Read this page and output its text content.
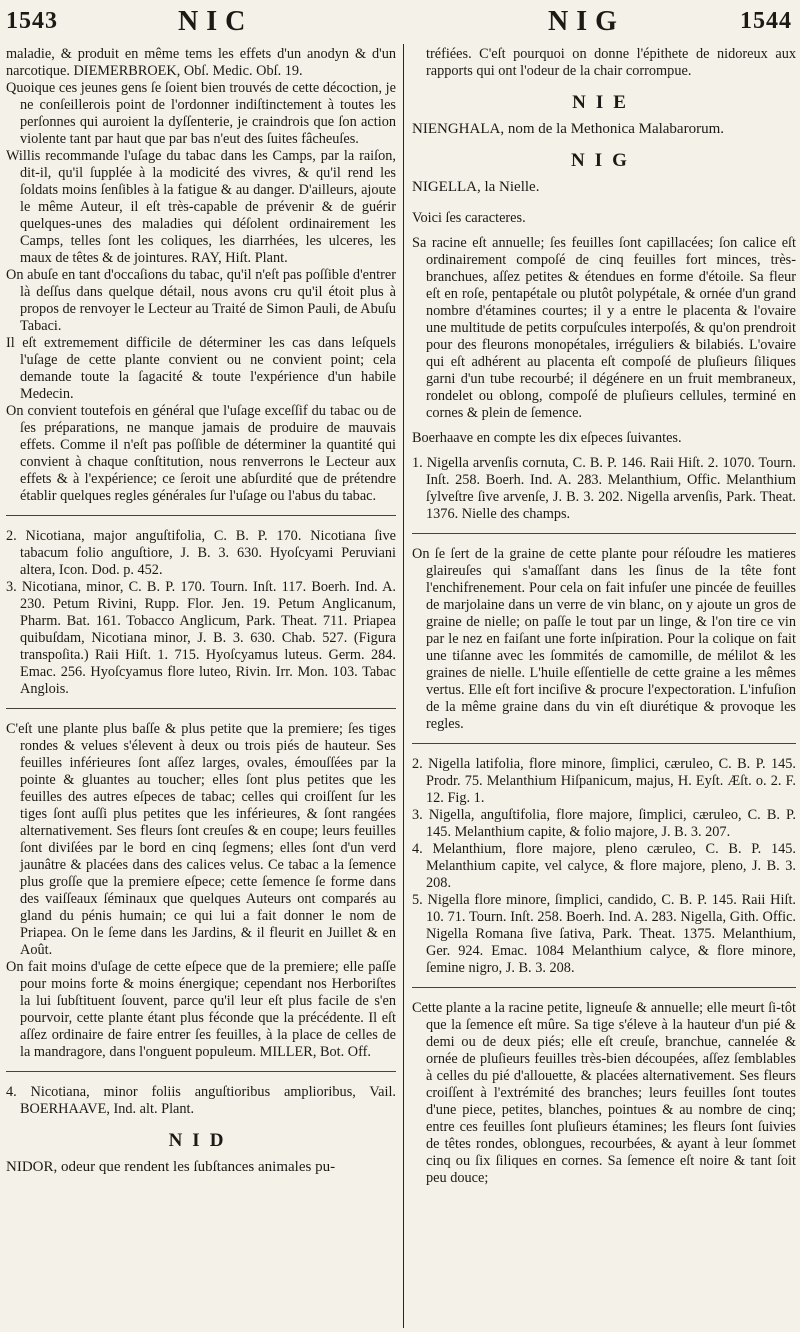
1543	NIC	NIG	1544

maladie, & produit en même tems les effets d'un anodyn & d'un narcotique. DIEMERBROEK, Obſ. Medic. Obſ. 19.

Quoique ces jeunes gens ſe ſoient bien trouvés de cette décoction, je ne conſeillerois point de l'ordonner indiſtinctement à toutes les perſonnes qui auroient la dyſſenterie, je craindrois que ſon action violente tant par haut que par bas n'eut des ſuites fâcheuſes.

Willis recommande l'uſage du tabac dans les Camps, par la raiſon, dit-il, qu'il ſupplée à la modicité des vivres, & qu'il rend les ſoldats moins ſenſibles à la fatigue & au danger. D'ailleurs, ajoute le même Auteur, il eſt très-capable de prévenir & de guérir quelques-unes des maladies qui déſolent ordinairement les Camps, telles ſont les coliques, les diarrhées, les ulceres, les maux de têtes & de jointures. RAY, Hiſt. Plant.

On abuſe en tant d'occaſions du tabac, qu'il n'eſt pas poſſible d'entrer là deſſus dans quelque détail, nous avons cru qu'il étoit plus à propos de renvoyer le Lecteur au Traité de Simon Pauli, de Abuſu Tabaci.

Il eſt extremement difficile de déterminer les cas dans leſquels l'uſage de cette plante convient ou ne convient point; cela demande toute la ſagacité & toute l'expérience d'un habile Medecin.

On convient toutefois en général que l'uſage exceſſif du tabac ou de ſes préparations, ne manque jamais de produire de mauvais effets. Comme il n'eſt pas poſſible de déterminer la quantité qui convient à chaque conſtitution, nous renverrons le Lecteur aux effets & à l'expérience; ce ſeroit une abſurdité que de prétendre établir quelques regles générales ſur l'uſage ou l'abus du tabac.

2. Nicotiana, major anguſtifolia, C. B. P. 170. Nicotiana ſive tabacum folio anguſtiore, J. B. 3. 630. Hyoſcyami Peruviani altera, Icon. Dod. p. 452.

3. Nicotiana, minor, C. B. P. 170. Tourn. Inſt. 117. Boerh. Ind. A. 230. Petum Rivini, Rupp. Flor. Jen. 19. Petum Anglicanum, Pharm. Bat. 161. Tobacco Anglicum, Park. Theat. 711. Priapea quibuſdam, Nicotiana minor, J. B. 3. 630. Chab. 527. (Figura transpoſita.) Raii Hiſt. 1. 715. Hyoſcyamus luteus. Germ. 284. Emac. 256. Hyoſcyamus flore luteo, Rivin. Irr. Mon. 103. Tabac Anglois.

C'eſt une plante plus baſſe & plus petite que la premiere; ſes tiges rondes & velues s'élevent à deux ou trois piés de hauteur. Ses feuilles inférieures ſont aſſez larges, ovales, émouſſées par la pointe & gluantes au toucher; elles ſont plus petites que les feuilles des autres eſpeces de tabac; celles qui croiſſent ſur les tiges ſont auſſi plus petites que les inférieures, & ſont rangées alternativement. Ses fleurs ſont creuſes & en coupe; leurs feuilles ſont diviſées par le bord en cinq ſegmens; elles ſont d'un verd jaunâtre & placées dans des calices velus. Ce tabac a la ſemence plus groſſe que la premiere eſpece; cette ſemence ſe forme dans des vaiſſeaux ſéminaux que quelques Auteurs ont comparés au gland du pénis humain; ce qui lui a fait donner le nom de Priapea. On le ſeme dans les Jardins, & il fleurit en Juillet & en Août.

On fait moins d'uſage de cette eſpece que de la premiere; elle paſſe pour moins forte & moins énergique; cependant nos Herboriſtes la lui ſubſtituent ſouvent, parce qu'il leur eſt plus facile de s'en pourvoir, cette plante étant plus féconde que la précédente. Il eſt aſſez ordinaire de faire entrer ſes feuilles, à la place de celles de la mandragore, dans l'onguent populeum. MILLER, Bot. Off.

4. Nicotiana, minor foliis anguſtioribus amplioribus, Vail. BOERHAAVE, Ind. alt. Plant.

NID

NIDOR, odeur que rendent les ſubſtances animales pu-

tréfiées. C'eſt pourquoi on donne l'épithete de nidoreux aux rapports qui ont l'odeur de la chair corrompue.

NIE

NIENGHALA, nom de la Methonica Malabarorum.

NIG

NIGELLA, la Nielle.

Voici ſes caracteres.

Sa racine eſt annuelle; ſes feuilles ſont capillacées; ſon calice eſt ordinairement compoſé de cinq feuilles fort minces, très-branchues, aſſez petites & étendues en forme d'étoile. Sa fleur eſt en roſe, pentapétale ou plutôt polypétale, & ornée d'un grand nombre d'étamines courtes; il y a entre le placenta & l'ovaire une multitude de petits corpuſcules interpoſés, & qu'on prendroit pour des fleurons monopétales, irréguliers & bilabiés. L'ovaire qui eſt adhérent au placenta eſt compoſé de pluſieurs ſiliques garni d'un tube recourbé; il dégénere en un fruit membraneux, rondelet ou oblong, compoſé de pluſieurs cellules, terminé en cornes & plein de ſemence.

Boerhaave en compte les dix eſpeces ſuivantes.

1. Nigella arvenſis cornuta, C. B. P. 146. Raii Hiſt. 2. 1070. Tourn. Inſt. 258. Boerh. Ind. A. 283. Melanthium, Offic. Melanthium ſylveſtre ſive arvenſe, J. B. 3. 202. Nigella arvenſis, Park. Theat. 1376. Nielle des champs.

On ſe ſert de la graine de cette plante pour réſoudre les matieres glaireuſes qui s'amaſſant dans les ſinus de la tête font l'enchifrenement. Pour cela on fait infuſer une pincée de feuilles de marjolaine dans un verre de vin blanc, on y ajoute un gros de graine de nielle; on paſſe le tout par un linge, & l'on tire ce vin par le nez en faiſant une forte inſpiration. Pour la colique on fait une tiſanne avec les ſommités de camomille, de mélilot & les graines de nielle. L'huile eſſentielle de cette graine a les mêmes vertus. Elle eſt fort inciſive & procure l'expectoration. L'infuſion de la même graine dans du vin eſt diurétique & provoque les regles.

2. Nigella latifolia, flore minore, ſimplici, cæruleo, C. B. P. 145. Prodr. 75. Melanthium Hiſpanicum, majus, H. Eyſt. Æſt. o. 2. F. 12. Fig. 1.

3. Nigella, anguſtifolia, flore majore, ſimplici, cæruleo, C. B. P. 145. Melanthium capite, & folio majore, J. B. 3. 207.

4. Melanthium, flore majore, pleno cæruleo, C. B. P. 145. Melanthium capite, vel calyce, & flore majore, pleno, J. B. 3. 208.

5. Nigella flore minore, ſimplici, candido, C. B. P. 145. Raii Hiſt. 10. 71. Tourn. Inſt. 258. Boerh. Ind. A. 283. Nigella, Gith. Offic. Nigella Romana ſive ſativa, Park. Theat. 1375. Melanthium, Ger. 924. Emac. 1084 Melanthium calyce, & flore minore, ſemine nigro, J. B. 3. 208.

Cette plante a la racine petite, ligneuſe & annuelle; elle meurt ſi-tôt que la ſemence eſt mûre. Sa tige s'éleve à la hauteur d'un pié & demi ou de deux piés; elle eſt creuſe, branchue, cannelée & ornée de pluſieurs feuilles très-bien découpées, aſſez ſemblables à celles du pié d'allouette, & placées alternativement. Ses fleurs croiſſent à l'extrémité des branches; leurs feuilles ſont toutes d'une piece, petites, blanches, pointues & au nombre de cinq; entre ces feuilles ſont pluſieurs étamines; les fleurs ſont ſuivies de têtes rondes, oblongues, recourbées, & ayant à leur ſommet cinq ou ſix ſiliques en cornes. Sa ſemence eſt noire & tant ſoit peu douce;
